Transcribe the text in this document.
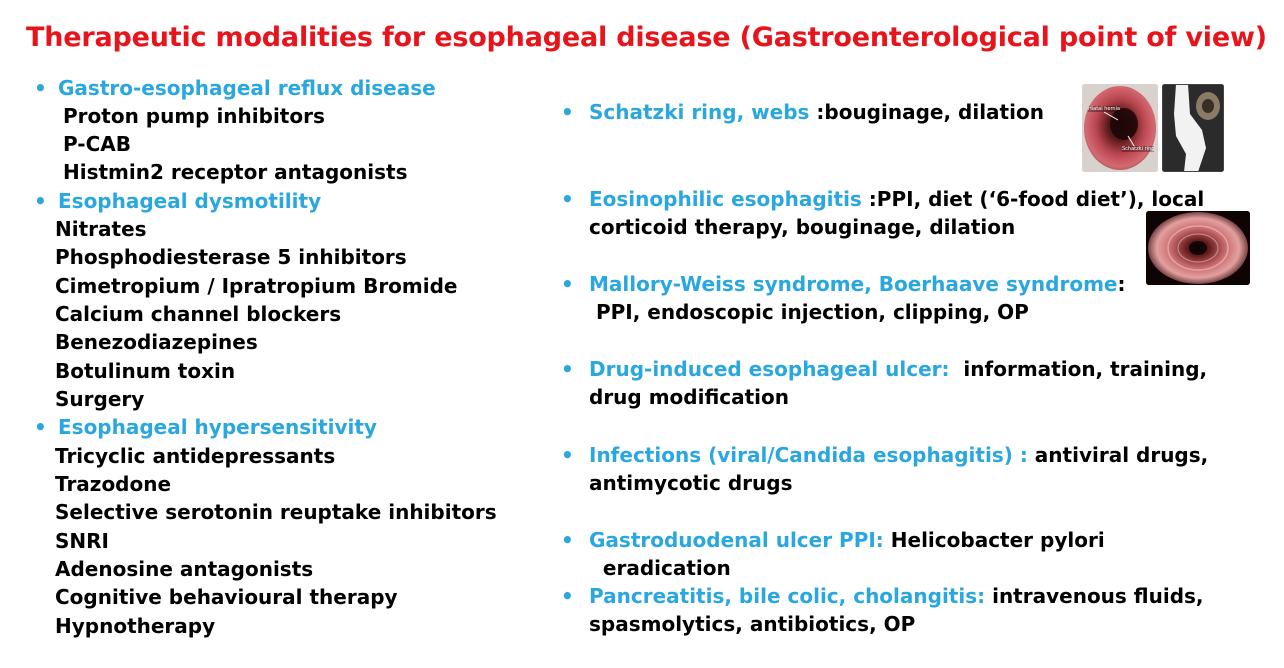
Therapeutic modalities for esophageal disease (Gastroenterological point of view)
• Gastro-esophageal reflux disease
Proton pump inhibitors
P-CAB
Histmin2 receptor antagonists
• Esophageal dysmotility
Nitrates
Phosphodiesterase 5 inhibitors
Cimetropium / Ipratropium Bromide
Calcium channel blockers
Benezodiazepines
Botulinum toxin
Surgery
• Esophageal hypersensitivity
Tricyclic antidepressants
Trazodone
Selective serotonin reuptake inhibitors
SNRI
Adenosine antagonists
Cognitive behavioural therapy
Hypnotherapy
• Schatzki ring, webs :bouginage, dilation
• Eosinophilic esophagitis :PPI, diet (‘6-food diet’), local
corticoid therapy, bouginage, dilation
• Mallory-Weiss syndrome, Boerhaave syndrome:
PPI, endoscopic injection, clipping, OP
• Drug-induced esophageal ulcer:  information, training,
drug modification
• Infections (viral/Candida esophagitis) : antiviral drugs,
antimycotic drugs
• Gastroduodenal ulcer PPI: Helicobacter pylori
eradication
• Pancreatitis, bile colic, cholangitis: intravenous fluids,
spasmolytics, antibiotics, OP
Hiatal hernia
Schatzki ring
